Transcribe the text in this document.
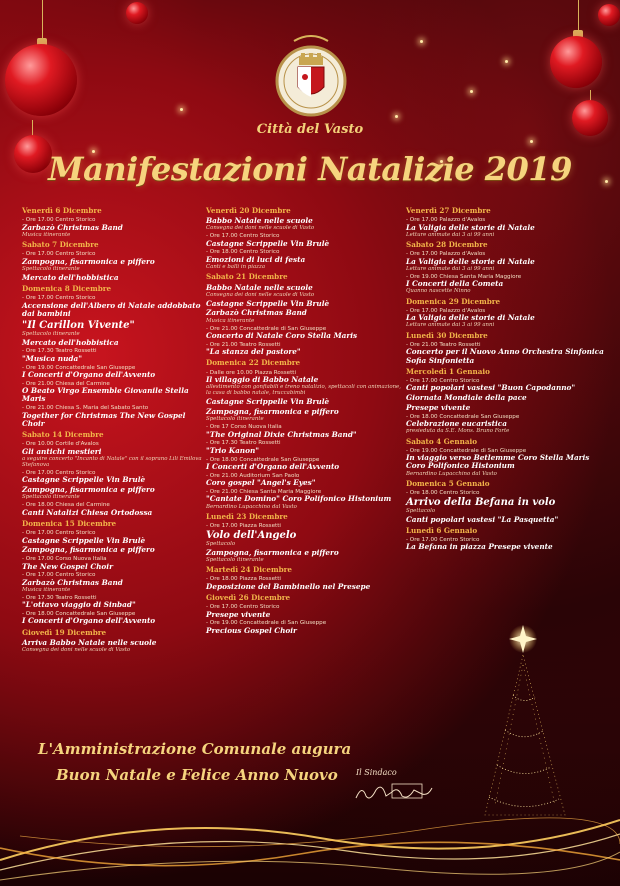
Città del Vasto
Manifestazioni Natalizie 2019
Venerdì 6 Dicembre
- Ore 17.00 Centro Storico
Zarbazò Christmas Band
Musica itinerante
Sabato 7 Dicembre
- Ore 17.00 Centro Storico
Zampogna, fisarmonica e piffero
Spettacolo itinerante
Mercato dell'hobbistica
Domenica 8 Dicembre
- Ore 17.00 Centro Storico
Accensione dell'Albero di Natale addobbato dai bambini
"Il Carillon Vivente"
Spettacolo itinerante
Mercato dell'hobbistica
- Ore 17.30 Teatro Rossetti
"Musica nuda"
- Ore 19.00 Concattedrale San Giuseppe
I Concerti d'Organo dell'Avvento
- Ore 21.00 Chiesa del Carmine
O Beato Virgo Ensemble Giovanile Stella Maris
- Ore 21.00 Chiesa S. Maria del Sabato Santo
Together for Christmas The New Gospel Choir
Sabato 14 Dicembre
- Ore 10.00 Cortile d'Avalos
Gli antichi mestieri
a seguire concerto "Incanto di Natale" con il soprano Lili Emilova Stefanova
- Ore 17.00 Centro Storico
Castagne Scrippelle Vin Brulè
Zampogna, fisarmonica e piffero
Spettacolo itinerante
- Ore 18.00 Chiesa del Carmine
Canti Natalizi Chiesa Ortodossa
Domenica 15 Dicembre
- Ore 17.00 Centro Storico
Castagne Scrippelle Vin Brulè
Zampogna, fisarmonica e piffero
- Ore 17.00 Corso Nuova Italia
The New Gospel Choir
- Ore 17.00 Centro Storico
Zarbazò Christmas Band
Musica itinerante
- Ore 17.30 Teatro Rossetti
"L'ottavo viaggio di Sinbad"
- Ore 18.00 Concattedrale San Giuseppe
I Concerti d'Organo dell'Avvento
Giovedì 19 Dicembre
Arriva Babbo Natale nelle scuole
Consegna dei doni nelle scuole di Vasto
Venerdì 20 Dicembre
Babbo Natale nelle scuole
Consegna dei doni nelle scuole di Vasto
- Ore 17.00 Centro Storico
Castagne Scrippelle Vin Brulè
- Ore 18.00 Centro Storico
Emozioni di luci di festa
Canti e balli in piazza
Sabato 21 Dicembre
Babbo Natale nelle scuole
Consegna dei doni nelle scuole di Vasto
Castagne Scrippelle Vin Brulè
Zarbazò Christmas Band
Musica itinerante
- Ore 21.00 Concattedrale di San Giuseppe
Concerto di Natale Coro Stella Maris
- Ore 21.00 Teatro Rossetti
"La stanza del pastore"
Domenica 22 Dicembre
- Dalle ore 10.00 Piazza Rossetti
Il villaggio di Babbo Natale
allestimento con gonfiabili e treno natalizio, spettacoli con animazione, la casa di babbo natale, truccabimbi
Castagne Scrippelle Vin Brulè
Zampogna, fisarmonica e piffero
Spettacolo itinerante
- Ore 17 Corso Nuova Italia
"The Original Dixie Christmas Band"
- Ore 17.30 Teatro Rossetti
"Trio Kanon"
- Ore 18.00 Concattedrale San Giuseppe
I Concerti d'Organo dell'Avvento
- Ore 21.00 Auditorium San Paolo
Coro gospel "Angel's Eyes"
- Ore 21.00 Chiesa Santa Maria Maggiore
"Cantate Domino" Coro Polifonico Histonium
Bernardino Lupacchino dal Vasto
Lunedì 23 Dicembre
- Ore 17.00 Piazza Rossetti
Volo dell'Angelo
Spettacolo
Zampogna, fisarmonica e piffero
Spettacolo itinerante
Martedì 24 Dicembre
- Ore 18.00 Piazza Rossetti
Deposizione del Bambinello nel Presepe
Giovedì 26 Dicembre
- Ore 17.00 Centro Storico
Presepe vivente
- Ore 19.00 Concattedrale di San Giuseppe
Precious Gospel Choir
Venerdì 27 Dicembre
- Ore 17.00 Palazzo d'Avalos
La Valigia delle storie di Natale
Letture animate dai 3 ai 99 anni
Sabato 28 Dicembre
- Ore 17.00 Palazzo d'Avalos
La Valigia delle storie di Natale
Letture animate dai 3 ai 99 anni
- Ore 19.00 Chiesa Santa Maria Maggiore
I Concerti della Cometa
Quanno nascette Ninno
Domenica 29 Dicembre
- Ore 17.00 Palazzo d'Avalos
La Valigia delle storie di Natale
Letture animate dai 3 ai 99 anni
Lunedì 30 Dicembre
- Ore 21.00 Teatro Rossetti
Concerto per il Nuovo Anno Orchestra Sinfonica Sofia Sinfonietta
Mercoledì 1 Gennaio
- Ore 17.00 Centro Storico
Canti popolari vastesi "Buon Capodanno"
Giornata Mondiale della pace
Presepe vivente
- Ore 18.00 Concattedrale San Giuseppe
Celebrazione eucaristica
presieduta da S.E. Mons. Bruno Forte
Sabato 4 Gennaio
- Ore 19.00 Concattedrale di San Giuseppe
In viaggio verso Betlemme Coro Stella Maris Coro Polifonico Histonium
Bernardino Lupacchino dal Vasto
Domenica 5 Gennaio
- Ore 18.00 Centro Storico
Arrivo della Befana in volo
Spettacolo
Canti popolari vastesi "La Pasquetta"
Lunedì 6 Gennaio
- Ore 17.00 Centro Storico
La Befana in piazza Presepe vivente
L'Amministrazione Comunale augura
Buon Natale e Felice Anno Nuovo Il Sindaco
